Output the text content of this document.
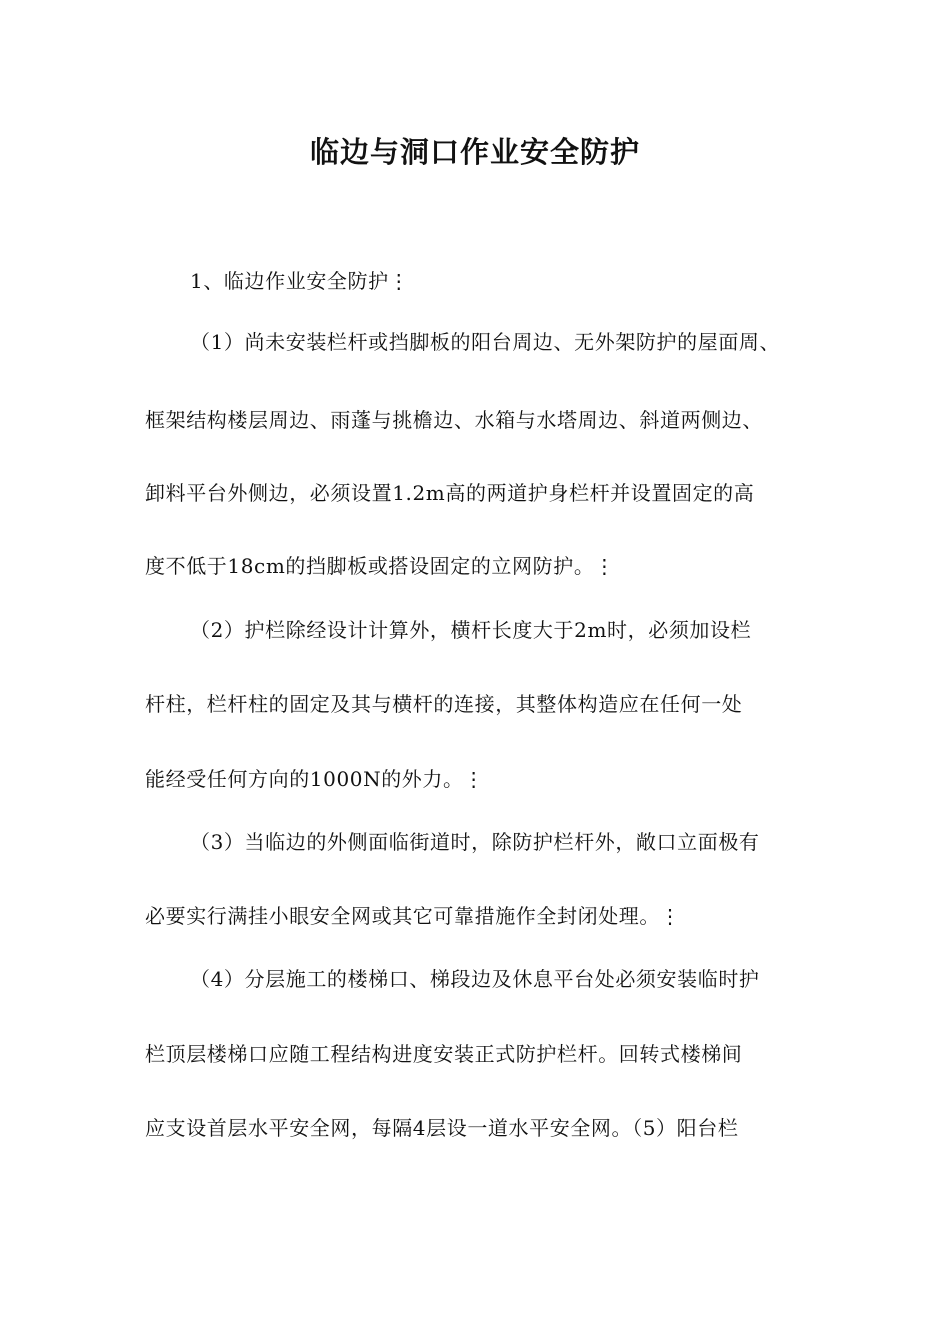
临边与洞口作业安全防护
1、临边作业安全防护⋮
（1）尚未安装栏杆或挡脚板的阳台周边、无外架防护的屋面周、
框架结构楼层周边、雨蓬与挑檐边、水箱与水塔周边、斜道两侧边、
卸料平台外侧边，必须设置1.2m高的两道护身栏杆并设置固定的高
度不低于18cm的挡脚板或搭设固定的立网防护。⋮
（2）护栏除经设计计算外，横杆长度大于2m时，必须加设栏
杆柱，栏杆柱的固定及其与横杆的连接，其整体构造应在任何一处
能经受任何方向的1000N的外力。⋮
（3）当临边的外侧面临街道时，除防护栏杆外，敞口立面极有
必要实行满挂小眼安全网或其它可靠措施作全封闭处理。⋮
（4）分层施工的楼梯口、梯段边及休息平台处必须安装临时护
栏顶层楼梯口应随工程结构进度安装正式防护栏杆。回转式楼梯间
应支设首层水平安全网，每隔4层设一道水平安全网。（5）阳台栏
